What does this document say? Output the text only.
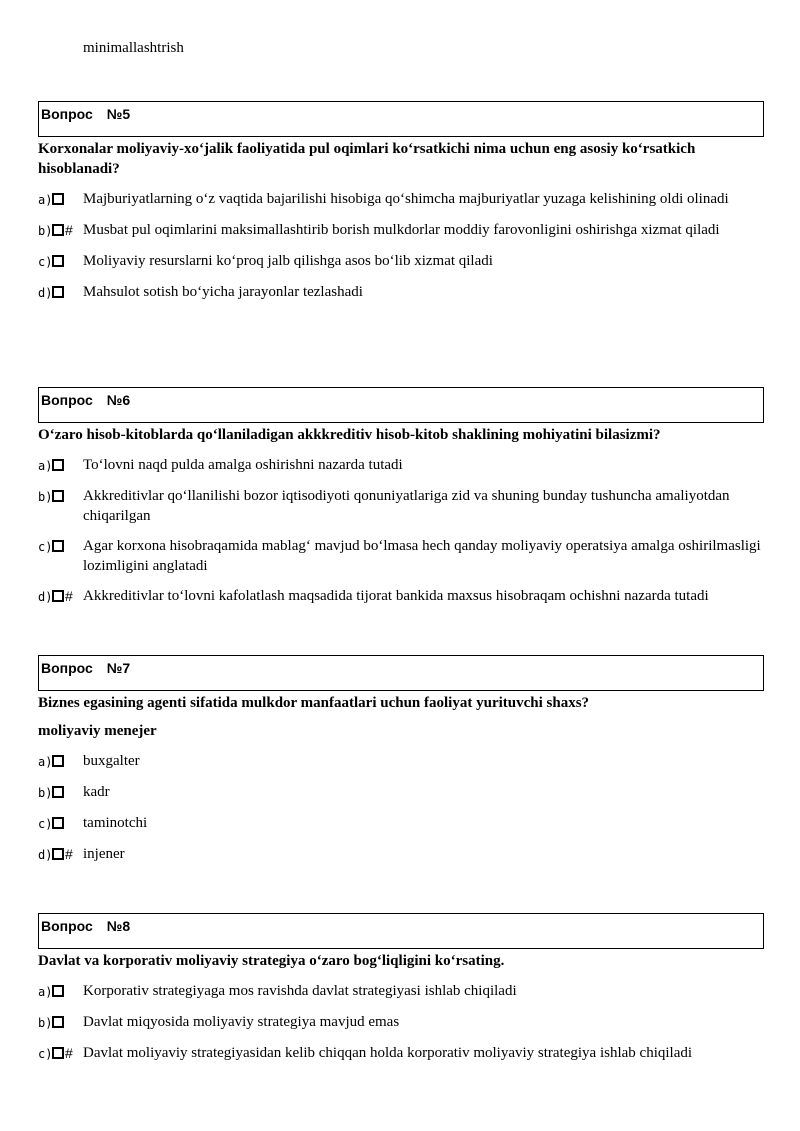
minimallashtrish
Вопрос №5
Korxonalar moliyaviy-xo‘jalik faoliyatida pul oqimlari ko‘rsatkichi nima uchun eng asosiy ko‘rsatkich hisoblanadi?
a)	Majburiyatlarning o‘z vaqtida bajarilishi hisobiga qo‘shimcha majburiyatlar yuzaga kelishining oldi olinadi
b) # Musbat pul oqimlarini maksimallashtirib borish mulkdorlar moddiy farovonligini oshirishga xizmat qiladi
c)	Moliyaviy resurslarni ko‘proq jalb qilishga asos bo‘lib xizmat qiladi
d)	Mahsulot sotish bo‘yicha jarayonlar tezlashadi
Вопрос №6
O‘zaro hisob-kitoblarda qo‘llaniladigan akkkreditiv hisob-kitob shaklining mohiyatini bilasizmi?
a)	To‘lovni naqd pulda amalga oshirishni nazarda tutadi
b)	Akkreditivlar qo‘llanilishi bozor iqtisodiyoti qonuniyatlariga zid va shuning bunday tushuncha amaliyotdan chiqarilgan
c)	Agar korxona hisobraqamida mablag‘ mavjud bo‘lmasa hech qanday moliyaviy operatsiya amalga oshirilmasligi lozimligini anglatadi
d) # Akkreditivlar to‘lovni kafolatlash maqsadida tijorat bankida maxsus hisobraqam ochishni nazarda tutadi
Вопрос №7
Biznes egasining agenti sifatida mulkdor manfaatlari uchun faoliyat yurituvchi shaxs?
moliyaviy menejer
a)	buxgalter
b)	kadr
c)	taminotchi
d) # injener
Вопрос №8
Davlat va korporativ moliyaviy strategiya o‘zaro bog‘liqligini ko‘rsating.
a)	Korporativ strategiyaga mos ravishda davlat strategiyasi ishlab chiqiladi
b)	Davlat miqyosida moliyaviy strategiya mavjud emas
c) # Davlat moliyaviy strategiyasidan kelib chiqqan holda korporativ moliyaviy strategiya ishlab chiqiladi
